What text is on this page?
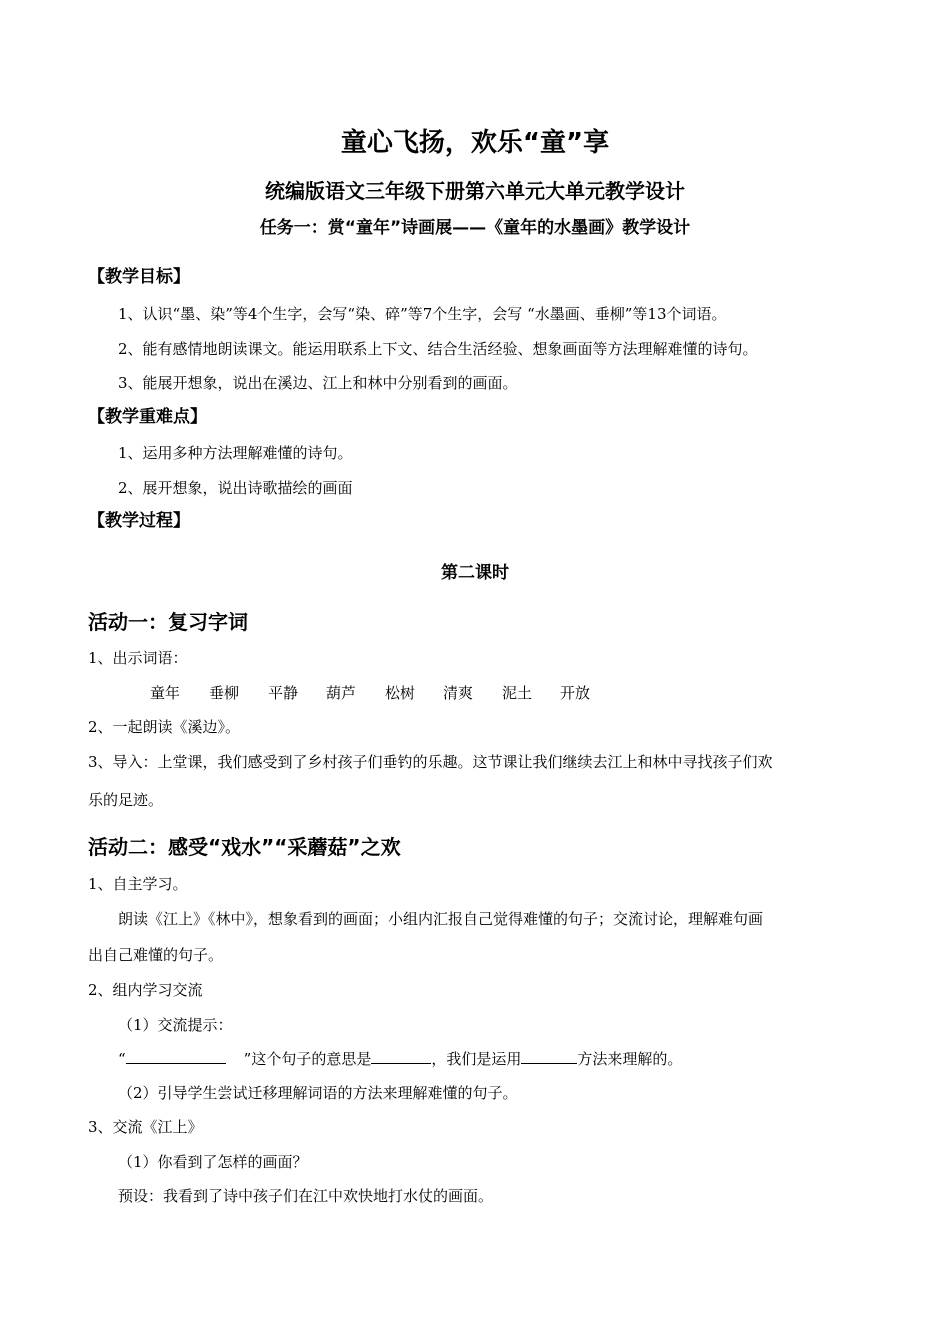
童心飞扬，欢乐“童”享
统编版语文三年级下册第六单元大单元教学设计
任务一：赏“童年”诗画展——《童年的水墨画》教学设计
【教学目标】
1、认识“墨、染”等4个生字，会写“染、碎”等7个生字，会写 “水墨画、垂柳”等13个词语。
2、能有感情地朗读课文。能运用联系上下文、结合生活经验、想象画面等方法理解难懂的诗句。
3、能展开想象，说出在溪边、江上和林中分别看到的画面。
【教学重难点】
1、运用多种方法理解难懂的诗句。
2、展开想象，说出诗歌描绘的画面
【教学过程】
第二课时
活动一：复习字词
1、出示词语：
童年 垂柳 平静 葫芦 松树 清爽 泥土 开放
2、一起朗读《溪边》。
3、导入：上堂课，我们感受到了乡村孩子们垂钓的乐趣。这节课让我们继续去江上和林中寻找孩子们欢
乐的足迹。
活动二：感受“戏水”“采蘑菇”之欢
1、自主学习。
朗读《江上》《林中》，想象看到的画面；小组内汇报自己觉得难懂的句子；交流讨论，理解难句画
出自己难懂的句子。
2、组内学习交流
（1）交流提示：
“	”这个句子的意思是	，我们是运用	方法来理解的。
（2）引导学生尝试迁移理解词语的方法来理解难懂的句子。
3、交流《江上》
（1）你看到了怎样的画面？
预设：我看到了诗中孩子们在江中欢快地打水仗的画面。
